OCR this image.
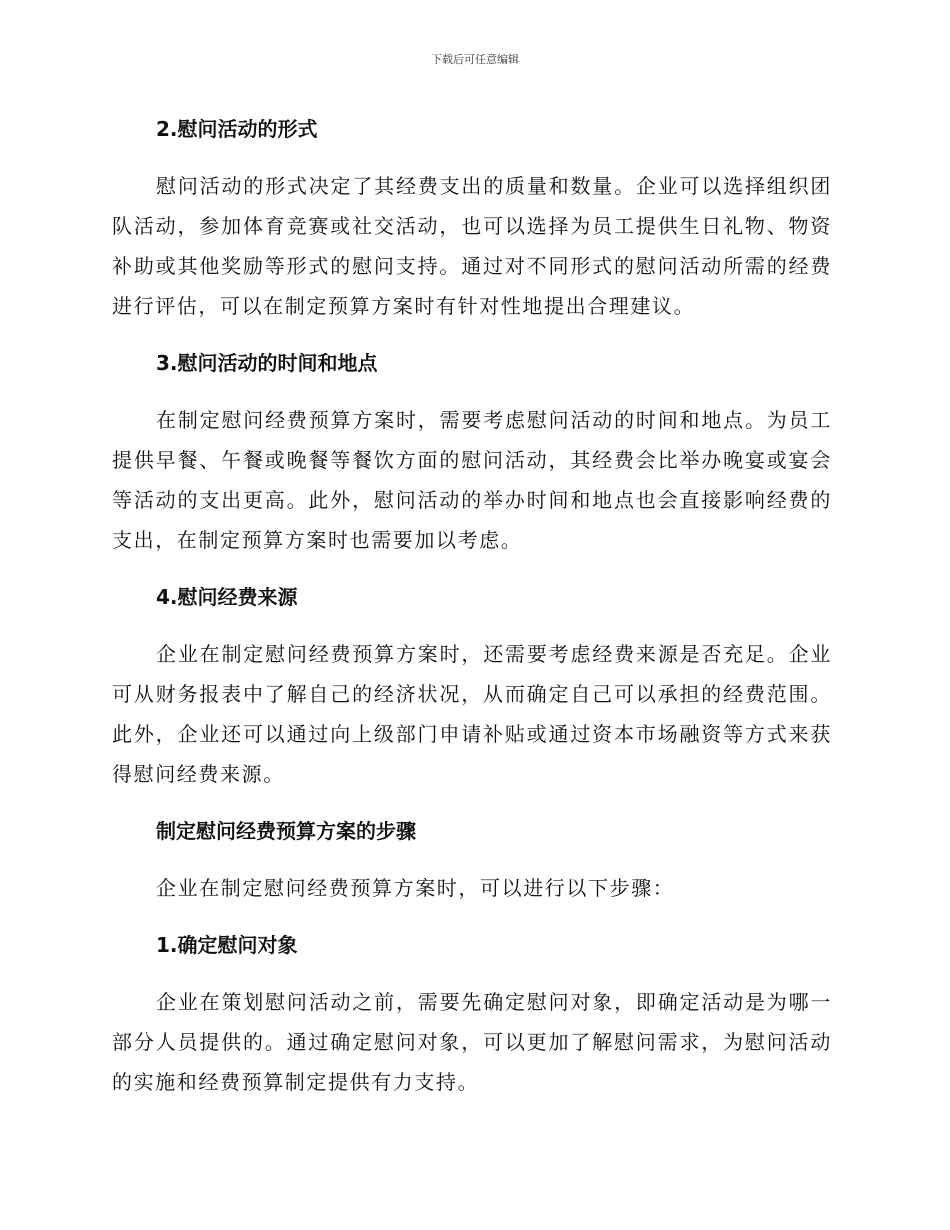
下载后可任意编辑
2.慰问活动的形式

慰问活动的形式决定了其经费支出的质量和数量。企业可以选择组织团队活动，参加体育竞赛或社交活动，也可以选择为员工提供生日礼物、物资补助或其他奖励等形式的慰问支持。通过对不同形式的慰问活动所需的经费进行评估，可以在制定预算方案时有针对性地提出合理建议。

3.慰问活动的时间和地点

在制定慰问经费预算方案时，需要考虑慰问活动的时间和地点。为员工提供早餐、午餐或晚餐等餐饮方面的慰问活动，其经费会比举办晚宴或宴会等活动的支出更高。此外，慰问活动的举办时间和地点也会直接影响经费的支出，在制定预算方案时也需要加以考虑。

4.慰问经费来源

企业在制定慰问经费预算方案时，还需要考虑经费来源是否充足。企业可从财务报表中了解自己的经济状况，从而确定自己可以承担的经费范围。此外，企业还可以通过向上级部门申请补贴或通过资本市场融资等方式来获得慰问经费来源。

制定慰问经费预算方案的步骤

企业在制定慰问经费预算方案时，可以进行以下步骤：

1.确定慰问对象

企业在策划慰问活动之前，需要先确定慰问对象，即确定活动是为哪一部分人员提供的。通过确定慰问对象，可以更加了解慰问需求，为慰问活动的实施和经费预算制定提供有力支持。
